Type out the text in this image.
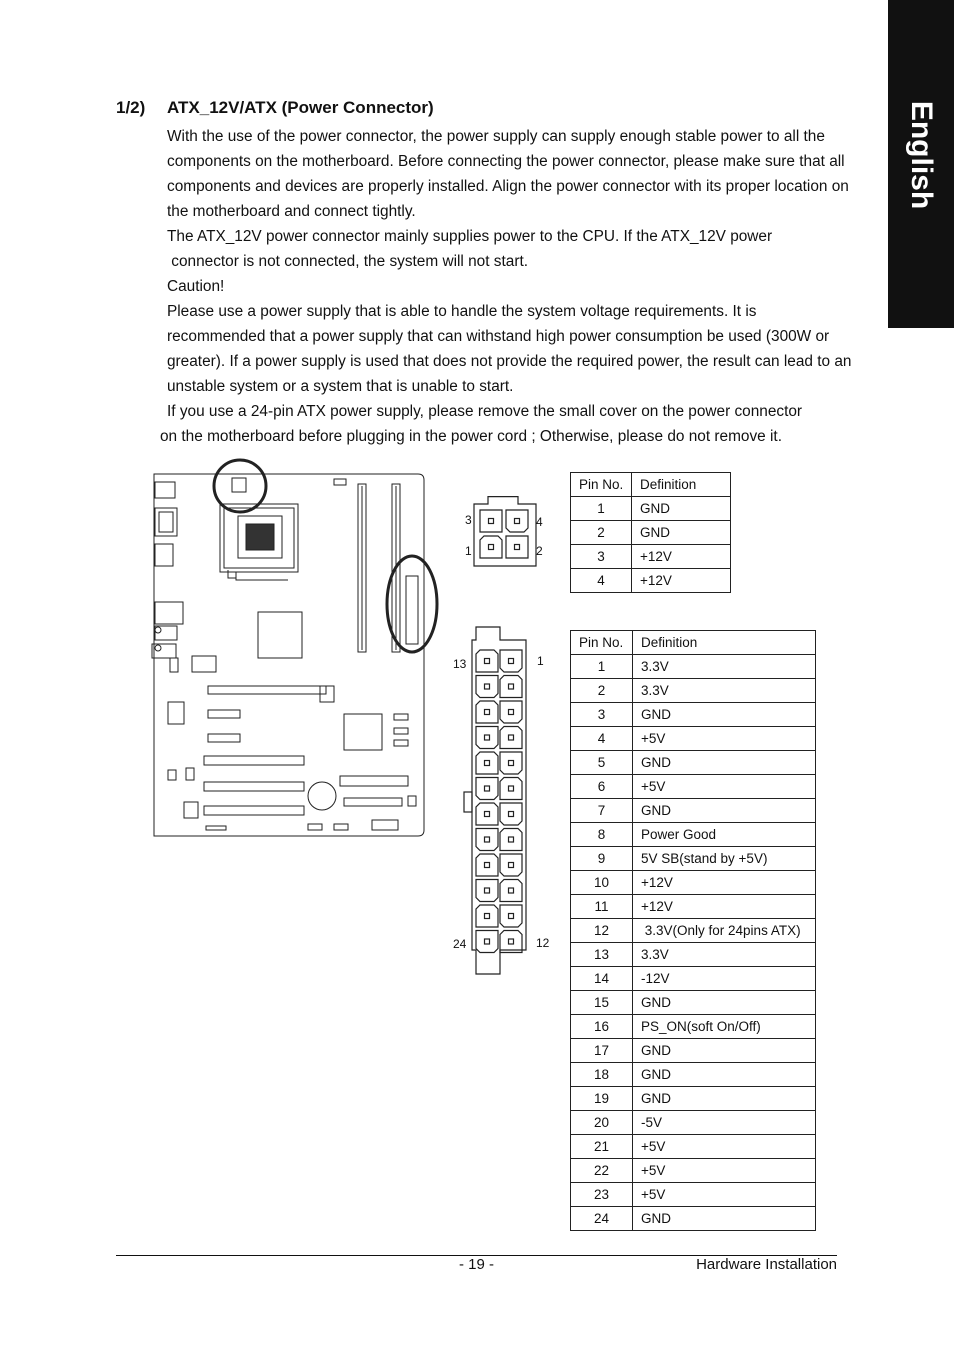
English
1/2) ATX_12V/ATX (Power Connector)
With the use of the power connector, the power supply can supply enough stable power to all the
components on the motherboard. Before connecting the power connector, please make sure that all
components and devices are properly installed. Align the power connector with its proper location on
the motherboard and connect tightly.
The ATX_12V power connector mainly supplies power to the CPU. If the ATX_12V power
connector is not connected, the system will not start.
Caution!
Please use a power supply that is able to handle the system voltage requirements. It is
recommended that a power supply that can withstand high power consumption be used (300W or
greater). If a power supply is used that does not provide the required power, the result can lead to an
unstable system or a system that is unable to start.
If you use a 24-pin ATX power supply, please remove the small cover on the power connector
on the motherboard before plugging in the power cord ; Otherwise, please do not remove it.
3	4
1	2
13	1
24	12
Pin No.	Definition
1	GND
2	GND
3	+12V
4	+12V
Pin No.	Definition
1	3.3V
2	3.3V
3	GND
4	+5V
5	GND
6	+5V
7	GND
8	Power Good
9	5V SB(stand by +5V)
10	+12V
11	+12V
12	3.3V(Only for 24pins ATX)
13	3.3V
14	-12V
15	GND
16	PS_ON(soft On/Off)
17	GND
18	GND
19	GND
20	-5V
21	+5V
22	+5V
23	+5V
24	GND
- 19 -	Hardware Installation
